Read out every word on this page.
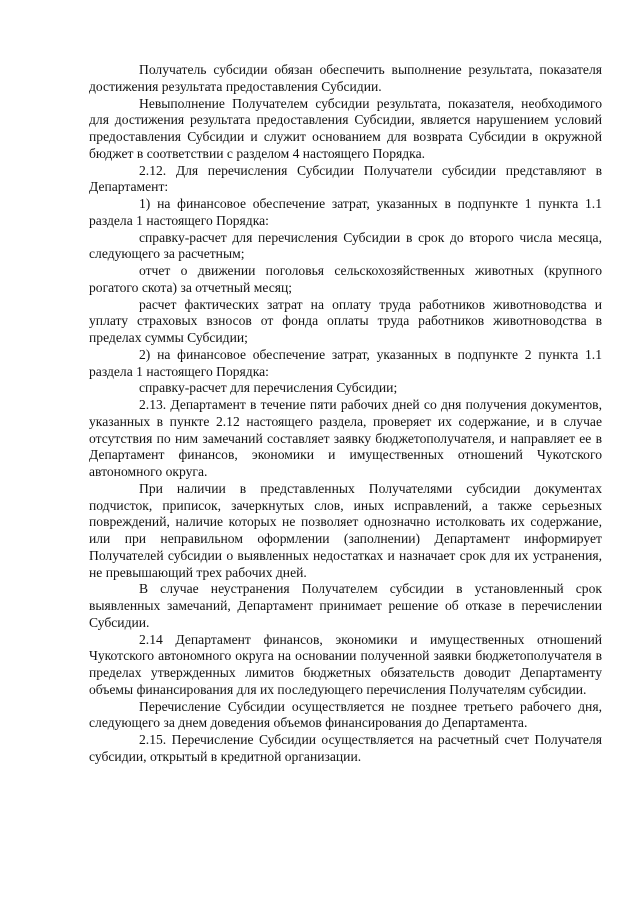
Получатель субсидии обязан обеспечить выполнение результата, показателя достижения результата предоставления Субсидии.

Невыполнение Получателем субсидии результата, показателя, необходимого для достижения результата предоставления Субсидии, является нарушением условий предоставления Субсидии и служит основанием для возврата Субсидии в окружной бюджет в соответствии с разделом 4 настоящего Порядка.

2.12. Для перечисления Субсидии Получатели субсидии представляют в Департамент:

1) на финансовое обеспечение затрат, указанных в подпункте 1 пункта 1.1 раздела 1 настоящего Порядка:

справку-расчет для перечисления Субсидии в срок до второго числа месяца, следующего за расчетным;

отчет о движении поголовья сельскохозяйственных животных (крупного рогатого скота) за отчетный месяц;

расчет фактических затрат на оплату труда работников животноводства и уплату страховых взносов от фонда оплаты труда работников животноводства в пределах суммы Субсидии;

2) на финансовое обеспечение затрат, указанных в подпункте 2 пункта 1.1 раздела 1 настоящего Порядка:

справку-расчет для перечисления Субсидии;

2.13. Департамент в течение пяти рабочих дней со дня получения документов, указанных в пункте 2.12 настоящего раздела, проверяет их содержание, и в случае отсутствия по ним замечаний составляет заявку бюджетополучателя, и направляет ее в Департамент финансов, экономики и имущественных отношений Чукотского автономного округа.

При наличии в представленных Получателями субсидии документах подчисток, приписок, зачеркнутых слов, иных исправлений, а также серьезных повреждений, наличие которых не позволяет однозначно истолковать их содержание, или при неправильном оформлении (заполнении) Департамент информирует Получателей субсидии о выявленных недостатках и назначает срок для их устранения, не превышающий трех рабочих дней.

В случае неустранения Получателем субсидии в установленный срок выявленных замечаний, Департамент принимает решение об отказе в перечислении Субсидии.

2.14 Департамент финансов, экономики и имущественных отношений Чукотского автономного округа на основании полученной заявки бюджетополучателя в пределах утвержденных лимитов бюджетных обязательств доводит Департаменту объемы финансирования для их последующего перечисления Получателям субсидии.

Перечисление Субсидии осуществляется не позднее третьего рабочего дня, следующего за днем доведения объемов финансирования до Департамента.

2.15. Перечисление Субсидии осуществляется на расчетный счет Получателя субсидии, открытый в кредитной организации.
